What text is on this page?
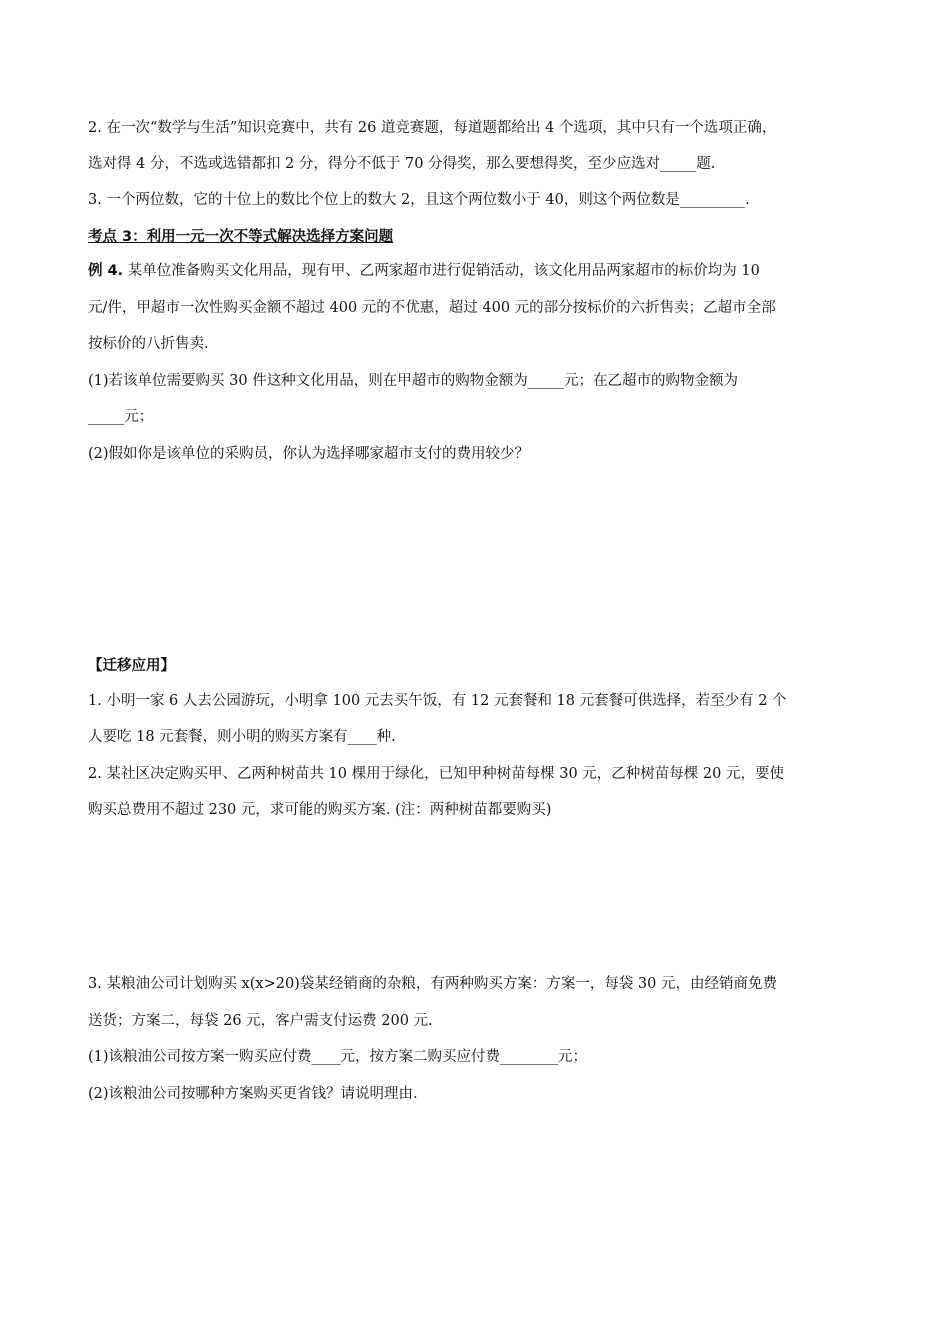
2. 在一次“数学与生活”知识竞赛中，共有 26 道竞赛题，每道题都给出 4 个选项，其中只有一个选项正确，
选对得 4 分，不选或选错都扣 2 分，得分不低于 70 分得奖，那么要想得奖，至少应选对_____题.
3. 一个两位数，它的十位上的数比个位上的数大 2，且这个两位数小于 40，则这个两位数是_________.
考点 3：利用一元一次不等式解决选择方案问题
例 4. 某单位准备购买文化用品，现有甲、乙两家超市进行促销活动，该文化用品两家超市的标价均为 10
元/件，甲超市一次性购买金额不超过 400 元的不优惠，超过 400 元的部分按标价的六折售卖；乙超市全部
按标价的八折售卖.
(1)若该单位需要购买 30 件这种文化用品，则在甲超市的购物金额为_____元；在乙超市的购物金额为
_____元；
(2)假如你是该单位的采购员，你认为选择哪家超市支付的费用较少？
【迁移应用】
1. 小明一家 6 人去公园游玩，小明拿 100 元去买午饭，有 12 元套餐和 18 元套餐可供选择，若至少有 2 个
人要吃 18 元套餐，则小明的购买方案有____种.
2. 某社区决定购买甲、乙两种树苗共 10 棵用于绿化，已知甲种树苗每棵 30 元，乙种树苗每棵 20 元，要使
购买总费用不超过 230 元，求可能的购买方案. (注：两种树苗都要购买)
3. 某粮油公司计划购买 x(x>20)袋某经销商的杂粮，有两种购买方案：方案一，每袋 30 元，由经销商免费
送货；方案二，每袋 26 元，客户需支付运费 200 元.
(1)该粮油公司按方案一购买应付费____元，按方案二购买应付费________元；
(2)该粮油公司按哪种方案购买更省钱？请说明理由.
